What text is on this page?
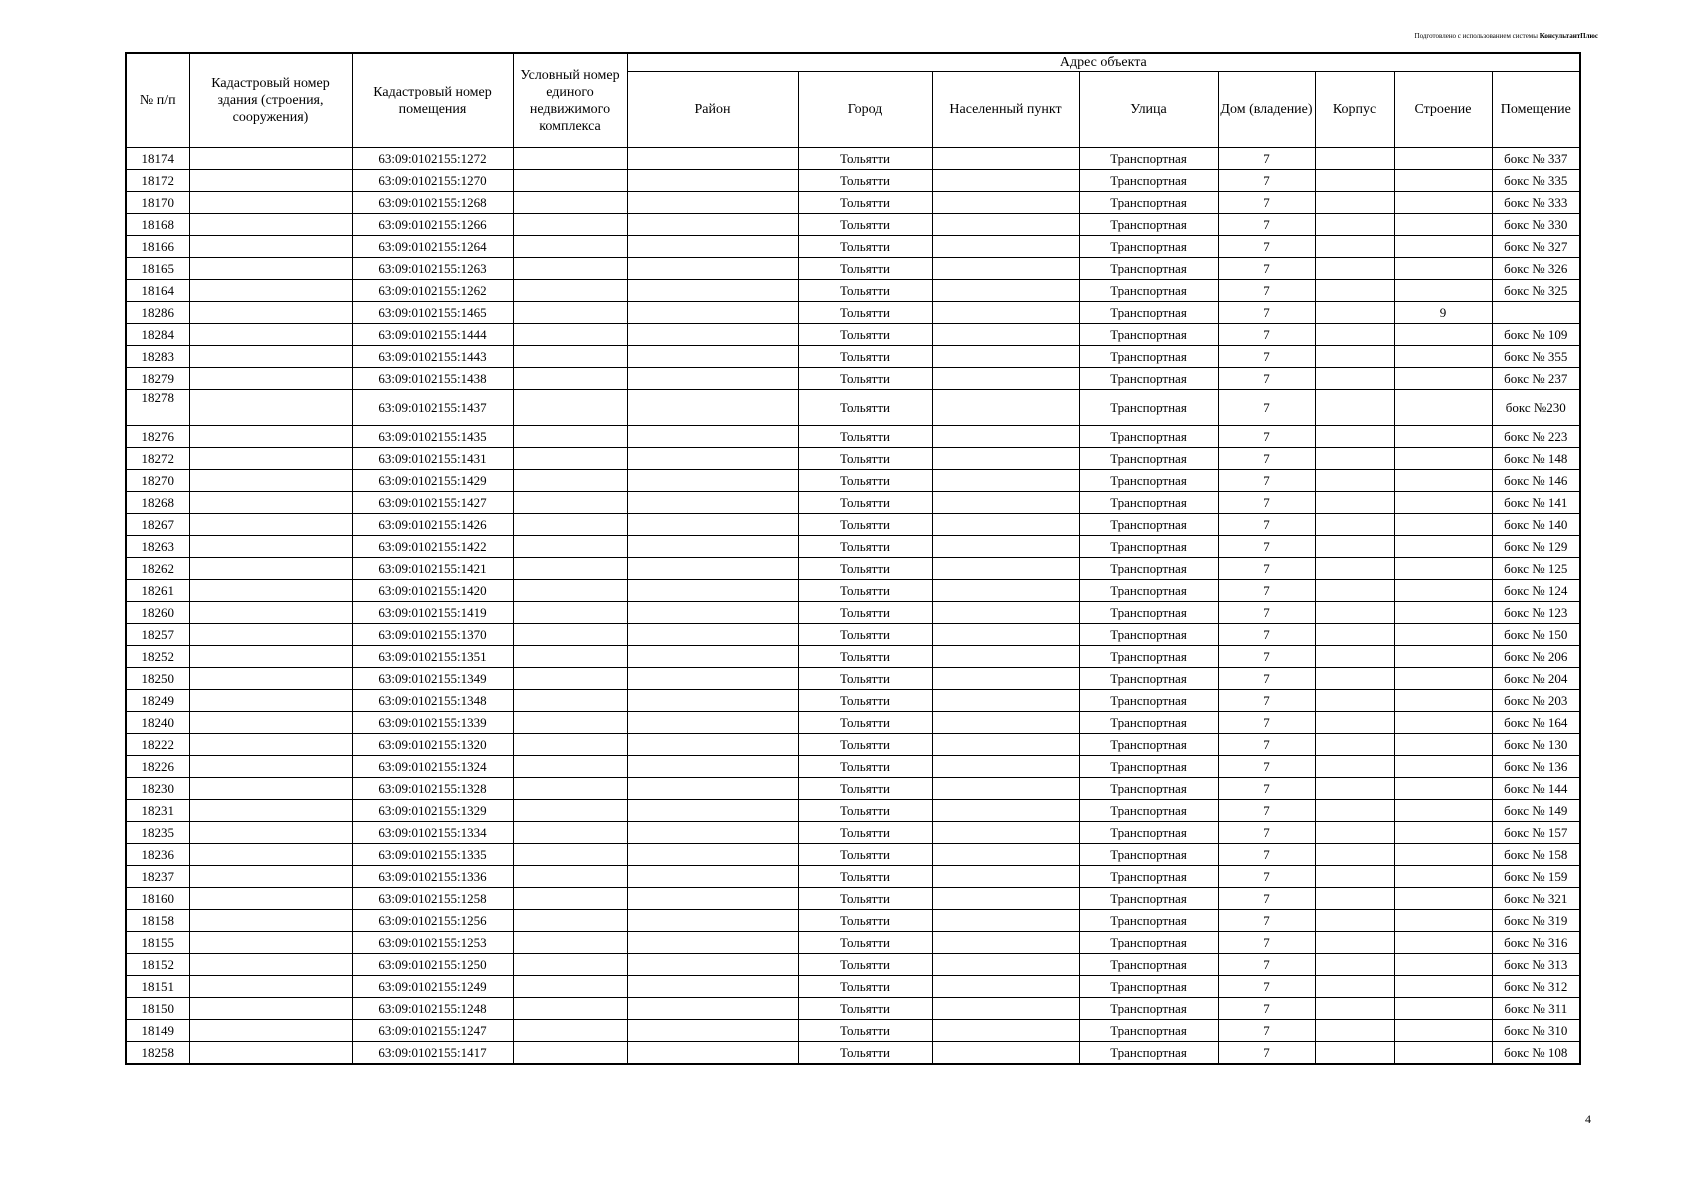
Подготовлено с использованием системы КонсультантПлюс
№ п/п	Кадастровый номер здания (строения, сооружения)	Кадастровый номер помещения	Условный номер единого недвижимого комплекса	Адрес объекта							
				Район	Город	Населенный пункт	Улица	Дом (владение)	Корпус	Строение	Помещение
18174		63:09:0102155:1272			Тольятти		Транспортная	7			бокс № 337
18172		63:09:0102155:1270			Тольятти		Транспортная	7			бокс № 335
18170		63:09:0102155:1268			Тольятти		Транспортная	7			бокс № 333
18168		63:09:0102155:1266			Тольятти		Транспортная	7			бокс № 330
18166		63:09:0102155:1264			Тольятти		Транспортная	7			бокс № 327
18165		63:09:0102155:1263			Тольятти		Транспортная	7			бокс № 326
18164		63:09:0102155:1262			Тольятти		Транспортная	7			бокс № 325
18286		63:09:0102155:1465			Тольятти		Транспортная	7		9	
18284		63:09:0102155:1444			Тольятти		Транспортная	7			бокс № 109
18283		63:09:0102155:1443			Тольятти		Транспортная	7			бокс № 355
18279		63:09:0102155:1438			Тольятти		Транспортная	7			бокс № 237
18278		63:09:0102155:1437			Тольятти		Транспортная	7			бокс №230
18276		63:09:0102155:1435			Тольятти		Транспортная	7			бокс № 223
18272		63:09:0102155:1431			Тольятти		Транспортная	7			бокс № 148
18270		63:09:0102155:1429			Тольятти		Транспортная	7			бокс № 146
18268		63:09:0102155:1427			Тольятти		Транспортная	7			бокс № 141
18267		63:09:0102155:1426			Тольятти		Транспортная	7			бокс № 140
18263		63:09:0102155:1422			Тольятти		Транспортная	7			бокс № 129
18262		63:09:0102155:1421			Тольятти		Транспортная	7			бокс № 125
18261		63:09:0102155:1420			Тольятти		Транспортная	7			бокс № 124
18260		63:09:0102155:1419			Тольятти		Транспортная	7			бокс № 123
18257		63:09:0102155:1370			Тольятти		Транспортная	7			бокс № 150
18252		63:09:0102155:1351			Тольятти		Транспортная	7			бокс № 206
18250		63:09:0102155:1349			Тольятти		Транспортная	7			бокс № 204
18249		63:09:0102155:1348			Тольятти		Транспортная	7			бокс № 203
18240		63:09:0102155:1339			Тольятти		Транспортная	7			бокс № 164
18222		63:09:0102155:1320			Тольятти		Транспортная	7			бокс № 130
18226		63:09:0102155:1324			Тольятти		Транспортная	7			бокс № 136
18230		63:09:0102155:1328			Тольятти		Транспортная	7			бокс № 144
18231		63:09:0102155:1329			Тольятти		Транспортная	7			бокс № 149
18235		63:09:0102155:1334			Тольятти		Транспортная	7			бокс № 157
18236		63:09:0102155:1335			Тольятти		Транспортная	7			бокс № 158
18237		63:09:0102155:1336			Тольятти		Транспортная	7			бокс № 159
18160		63:09:0102155:1258			Тольятти		Транспортная	7			бокс № 321
18158		63:09:0102155:1256			Тольятти		Транспортная	7			бокс № 319
18155		63:09:0102155:1253			Тольятти		Транспортная	7			бокс № 316
18152		63:09:0102155:1250			Тольятти		Транспортная	7			бокс № 313
18151		63:09:0102155:1249			Тольятти		Транспортная	7			бокс № 312
18150		63:09:0102155:1248			Тольятти		Транспортная	7			бокс № 311
18149		63:09:0102155:1247			Тольятти		Транспортная	7			бокс № 310
18258		63:09:0102155:1417			Тольятти		Транспортная	7			бокс № 108
4
